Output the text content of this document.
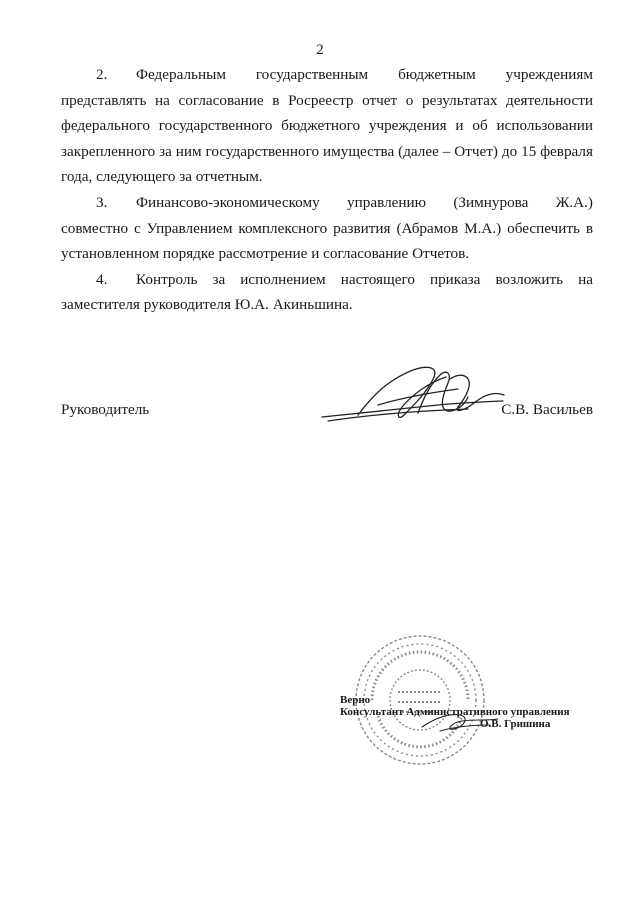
2

2. Федеральным государственным бюджетным учреждениям представлять на согласование в Росреестр отчет о результатах деятельности федерального государственного бюджетного учреждения и об использовании закрепленного за ним государственного имущества (далее – Отчет) до 15 февраля года, следующего за отчетным.

3. Финансово-экономическому управлению (Зимнурова Ж.А.) совместно с Управлением комплексного развития (Абрамов М.А.) обеспечить в установленном порядке рассмотрение и согласование Отчетов.

4. Контроль за исполнением настоящего приказа возложить на заместителя руководителя Ю.А. Акиньшина.

Руководитель	С.В. Васильев
Верно
Консультант Административного управления
О.В. Гришина
